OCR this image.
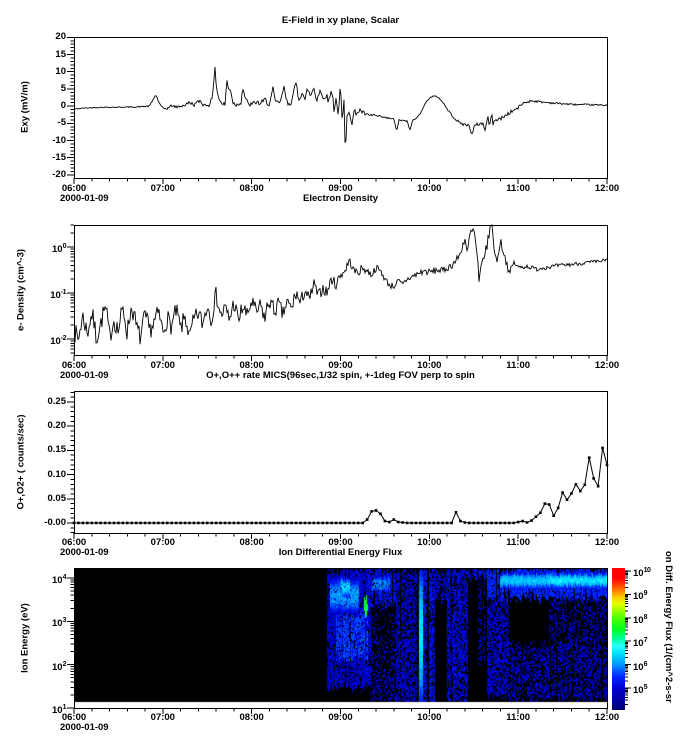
E-Field in xy plane, Scalar
Electron Density
O+,O++ rate MICS(96sec,1/32 spin, +-1deg FOV perp to spin
Ion Differential Energy Flux
Exy (mV/m)
e- Density (cm^-3)
O+,O2+ ( counts/sec)
Ion Energy (eV)
2000-01-09
2000-01-09
2000-01-09
2000-01-09
on Diff. Energy Flux (1/(cm^2-s-sr
20
15
10
5
0
-5
-10
-15
-20
06:00	07:00	08:00	09:00	10:00	11:00	12:00
$10^{-2}$
$10^{-1}$
$10^0$
06:00	07:00	08:00	09:00	10:00	11:00	12:00
0.25
0.20
0.15
0.10
0.05
-0.00
06:00	07:00	08:00	09:00	10:00	11:00	12:00
$10^1$
$10^2$
$10^3$
$10^4$
06:00	07:00	08:00	09:00	10:00	11:00	12:00
$10^{10}$
$10^9$
$10^8$
$10^7$
$10^6$
$10^5$
